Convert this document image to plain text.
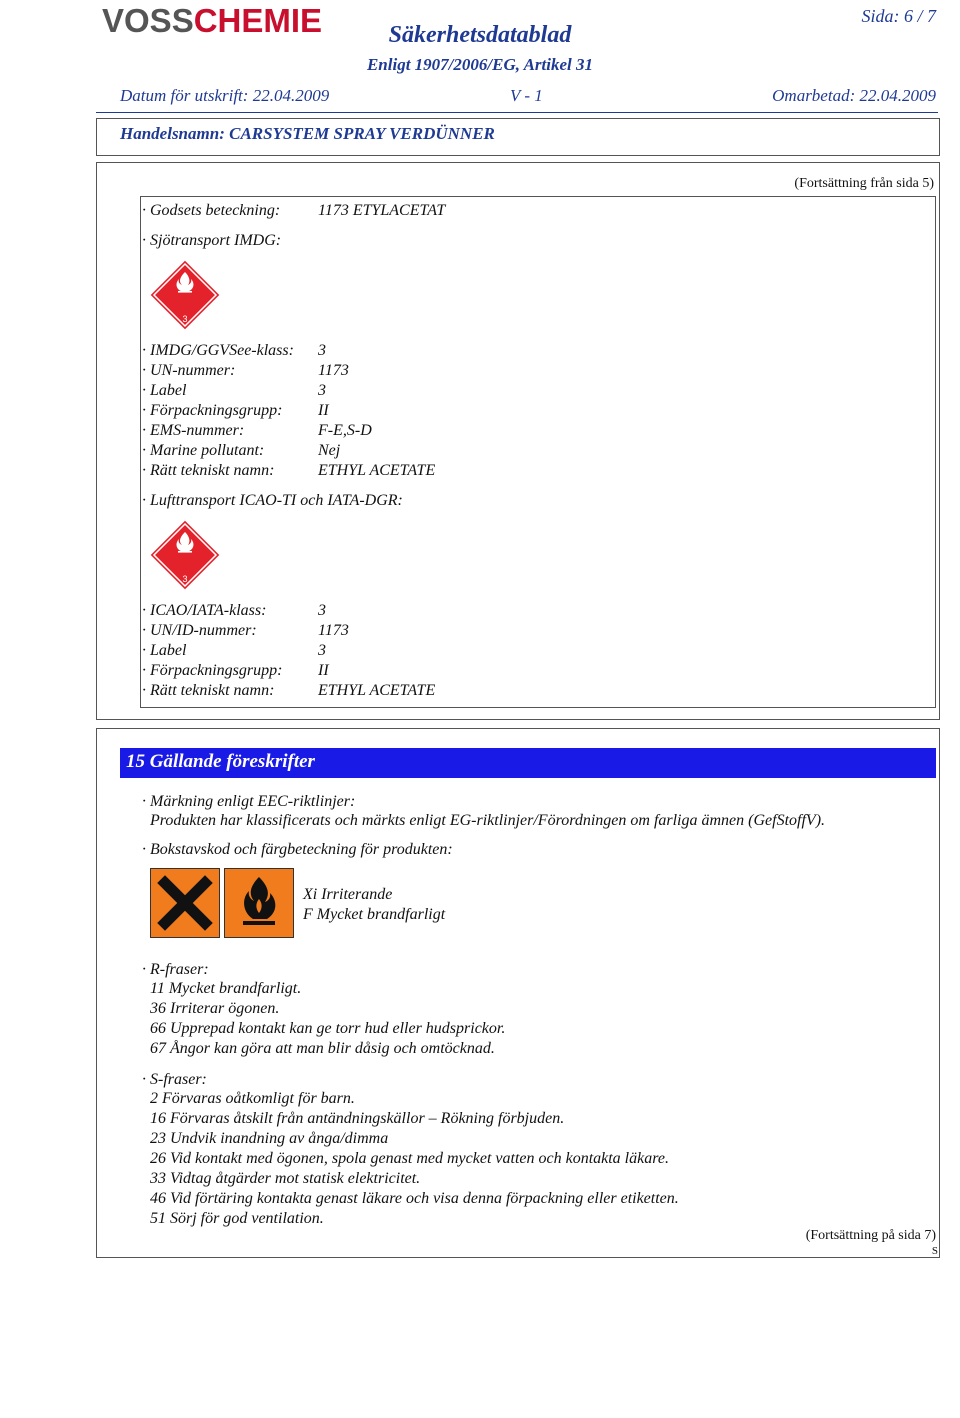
VOSSCHEMIE	Sida: 6 / 7
Säkerhetsdatablad
Enligt 1907/2006/EG, Artikel 31
Datum för utskrift: 22.04.2009	V - 1	Omarbetad: 22.04.2009
Handelsnamn: CARSYSTEM SPRAY VERDÜNNER
(Fortsättning från sida 5)
· Godsets beteckning: 1173 ETYLACETAT
· Sjötransport IMDG:
3
· IMDG/GGVSee-klass: 3
· UN-nummer:	1173
· Label	3
· Förpackningsgrupp: II
· EMS-nummer:	F-E,S-D
· Marine pollutant:	Nej
· Rätt tekniskt namn:	ETHYL ACETATE
· Lufttransport ICAO-TI och IATA-DGR:
3
· ICAO/IATA-klass:	3
· UN/ID-nummer:	1173
· Label	3
· Förpackningsgrupp: II
· Rätt tekniskt namn:	ETHYL ACETATE
15 Gällande föreskrifter
· Märkning enligt EEC-riktlinjer:
Produkten har klassificerats och märkts enligt EG-riktlinjer/Förordningen om farliga ämnen (GefStoffV).
· Bokstavskod och färgbeteckning för produkten:
Xi Irriterande
F Mycket brandfarligt
· R-fraser:
11 Mycket brandfarligt.
36 Irriterar ögonen.
66 Upprepad kontakt kan ge torr hud eller hudsprickor.
67 Ångor kan göra att man blir dåsig och omtöcknad.
· S-fraser:
2 Förvaras oåtkomligt för barn.
16 Förvaras åtskilt från antändningskällor – Rökning förbjuden.
23 Undvik inandning av ånga/dimma
26 Vid kontakt med ögonen, spola genast med mycket vatten och kontakta läkare.
33 Vidtag åtgärder mot statisk elektricitet.
46 Vid förtäring kontakta genast läkare och visa denna förpackning eller etiketten.
51 Sörj för god ventilation.
(Fortsättning på sida 7)
S
